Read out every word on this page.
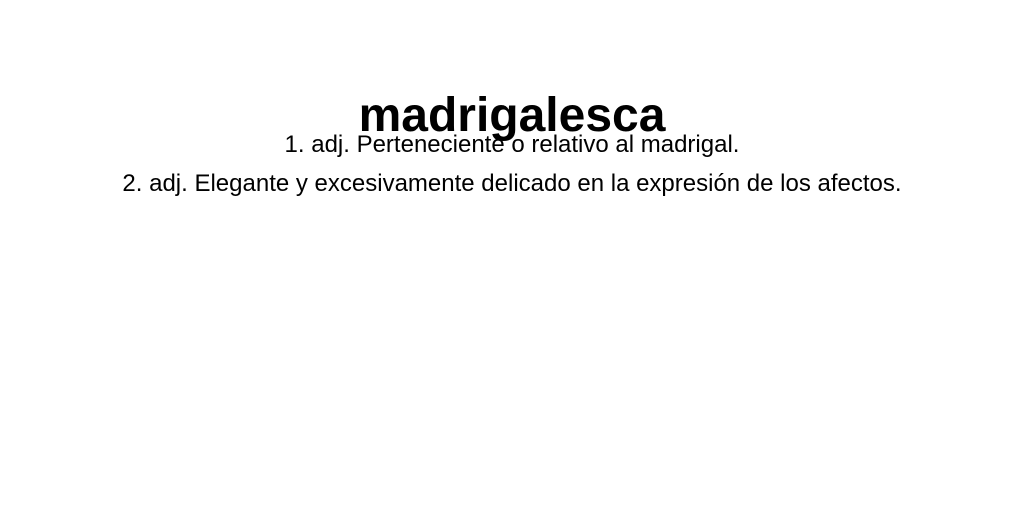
madrigalesca
1. adj. Perteneciente o relativo al madrigal.
2. adj. Elegante y excesivamente delicado en la expresión de los afectos.
